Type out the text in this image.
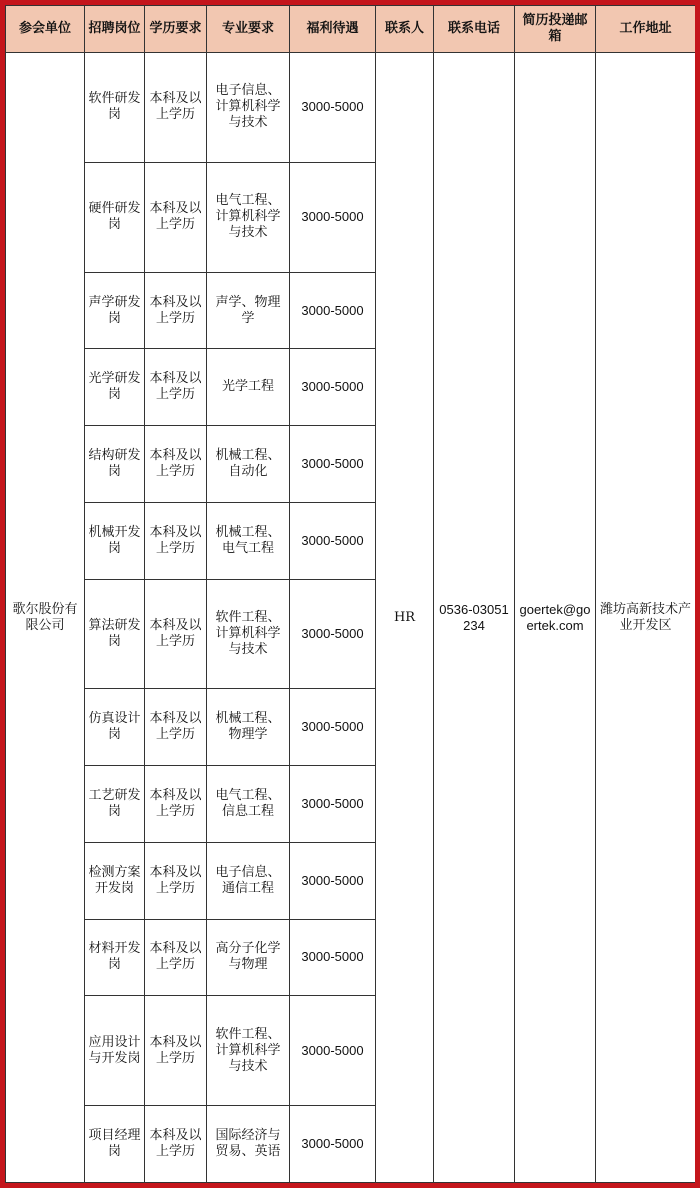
参会单位	招聘岗位	学历要求	专业要求	福利待遇	联系人	联系电话	简历投递邮箱	工作地址
歌尔股份有限公司	软件研发岗	本科及以上学历	电子信息、计算机科学与技术	3000-5000	HR	0536-03051234	goertek@goertek.com	潍坊高新技术产业开发区
	硬件研发岗	本科及以上学历	电气工程、计算机科学与技术	3000-5000				
	声学研发岗	本科及以上学历	声学、物理学	3000-5000				
	光学研发岗	本科及以上学历	光学工程	3000-5000				
	结构研发岗	本科及以上学历	机械工程、自动化	3000-5000				
	机械开发岗	本科及以上学历	机械工程、电气工程	3000-5000				
	算法研发岗	本科及以上学历	软件工程、计算机科学与技术	3000-5000				
	仿真设计岗	本科及以上学历	机械工程、物理学	3000-5000				
	工艺研发岗	本科及以上学历	电气工程、信息工程	3000-5000				
	检测方案开发岗	本科及以上学历	电子信息、通信工程	3000-5000				
	材料开发岗	本科及以上学历	高分子化学与物理	3000-5000				
	应用设计与开发岗	本科及以上学历	软件工程、计算机科学与技术	3000-5000				
	项目经理岗	本科及以上学历	国际经济与贸易、英语	3000-5000				
